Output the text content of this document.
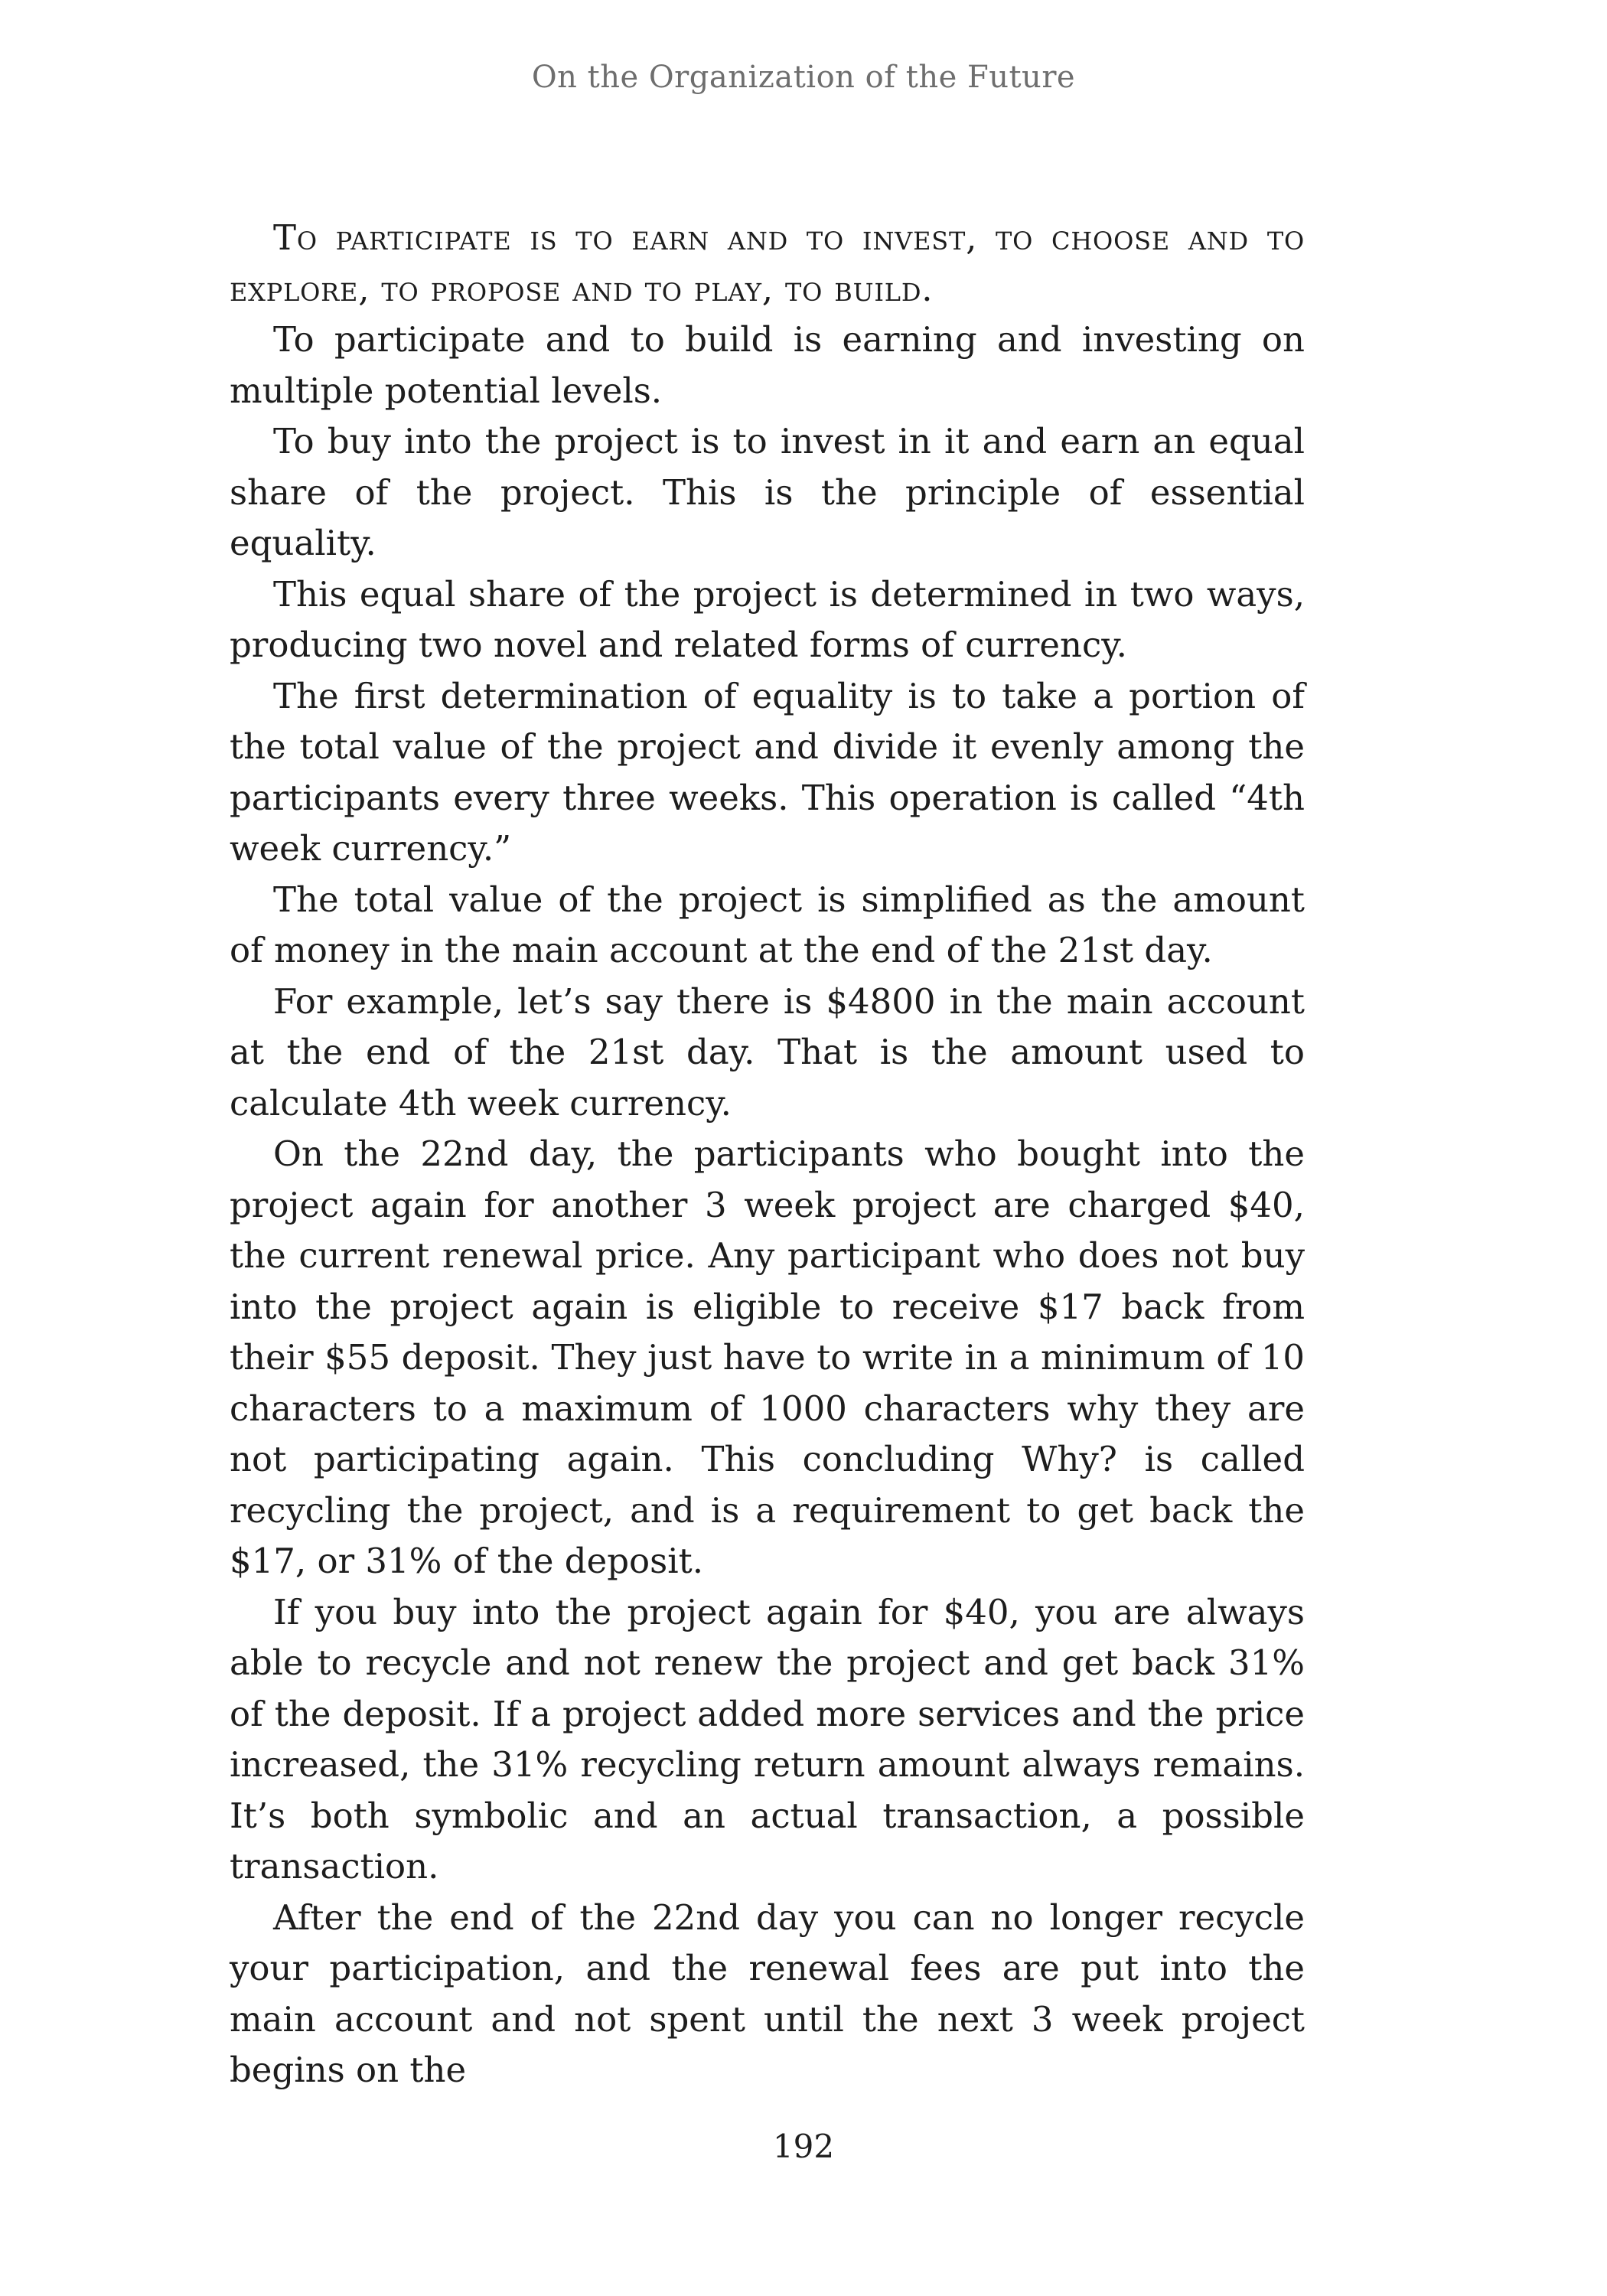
On the Organization of the Future

To participate is to earn and to invest, to choose and to explore, to propose and to play, to build.

To participate and to build is earning and investing on multiple potential levels.

To buy into the project is to invest in it and earn an equal share of the project. This is the principle of essential equality.

This equal share of the project is determined in two ways, producing two novel and related forms of currency.

The first determination of equality is to take a portion of the total value of the project and divide it evenly among the participants every three weeks. This operation is called “4th week currency.”

The total value of the project is simplified as the amount of money in the main account at the end of the 21st day.

For example, let’s say there is $4800 in the main account at the end of the 21st day. That is the amount used to calculate 4th week currency.

On the 22nd day, the participants who bought into the project again for another 3 week project are charged $40, the current renewal price. Any participant who does not buy into the project again is eligible to receive $17 back from their $55 deposit. They just have to write in a minimum of 10 characters to a maximum of 1000 characters why they are not participating again. This concluding Why? is called recycling the project, and is a requirement to get back the $17, or 31% of the deposit.

If you buy into the project again for $40, you are always able to recycle and not renew the project and get back 31% of the deposit. If a project added more services and the price increased, the 31% recycling return amount always remains. It’s both symbolic and an actual transaction, a possible transaction.

After the end of the 22nd day you can no longer recycle your participation, and the renewal fees are put into the main account and not spent until the next 3 week project begins on the

192
